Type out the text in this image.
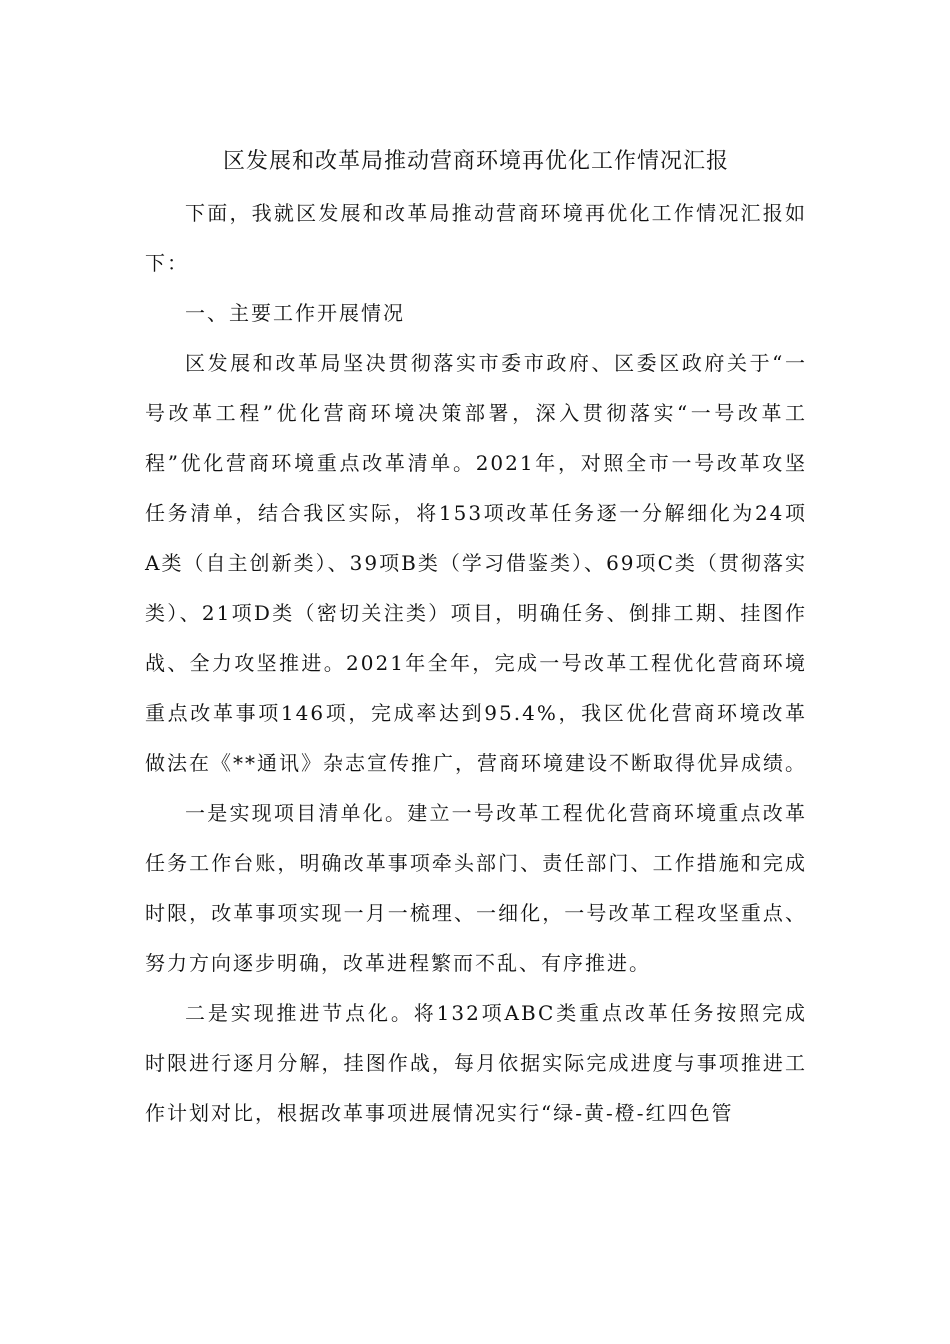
区发展和改革局推动营商环境再优化工作情况汇报

下面，我就区发展和改革局推动营商环境再优化工作情况汇报如下：

一、主要工作开展情况

区发展和改革局坚决贯彻落实市委市政府、区委区政府关于“一号改革工程”优化营商环境决策部署，深入贯彻落实“一号改革工程”优化营商环境重点改革清单。2021年，对照全市一号改革攻坚任务清单，结合我区实际，将153项改革任务逐一分解细化为24项A类（自主创新类）、39项B类（学习借鉴类）、69项C类（贯彻落实类）、21项D类（密切关注类）项目，明确任务、倒排工期、挂图作战、全力攻坚推进。2021年全年，完成一号改革工程优化营商环境重点改革事项146项，完成率达到95.4%，我区优化营商环境改革做法在《**通讯》杂志宣传推广，营商环境建设不断取得优异成绩。

一是实现项目清单化。建立一号改革工程优化营商环境重点改革任务工作台账，明确改革事项牵头部门、责任部门、工作措施和完成时限，改革事项实现一月一梳理、一细化，一号改革工程攻坚重点、努力方向逐步明确，改革进程繁而不乱、有序推进。

二是实现推进节点化。将132项ABC类重点改革任务按照完成时限进行逐月分解，挂图作战，每月依据实际完成进度与事项推进工作计划对比，根据改革事项进展情况实行“绿-黄-橙-红四色管
